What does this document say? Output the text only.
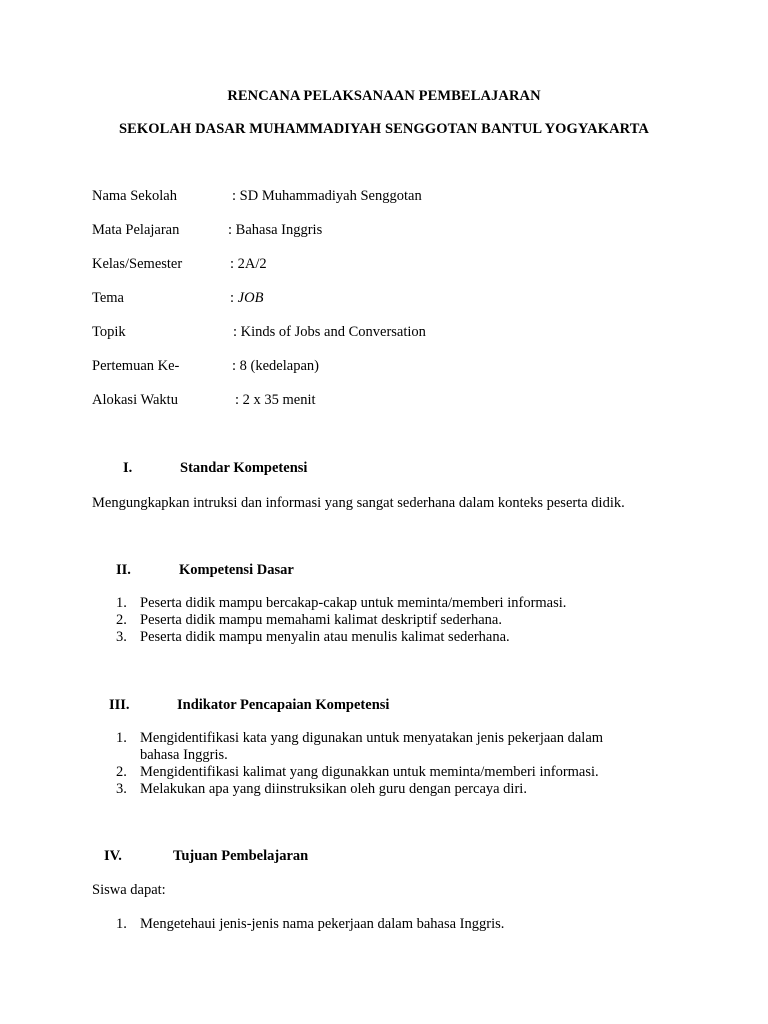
RENCANA PELAKSANAAN PEMBELAJARAN
SEKOLAH DASAR MUHAMMADIYAH SENGGOTAN BANTUL YOGYAKARTA
Nama Sekolah	: SD Muhammadiyah Senggotan
Mata Pelajaran	: Bahasa Inggris
Kelas/Semester	: 2A/2
Tema	: JOB
Topik	: Kinds of Jobs and Conversation
Pertemuan Ke-	: 8 (kedelapan)
Alokasi Waktu	: 2 x 35 menit
I.	Standar Kompetensi
Mengungkapkan intruksi dan informasi yang sangat sederhana dalam konteks peserta didik.
II.	Kompetensi Dasar
1. Peserta didik mampu bercakap-cakap untuk meminta/memberi informasi.
2. Peserta didik mampu memahami kalimat deskriptif sederhana.
3. Peserta didik mampu menyalin atau menulis kalimat sederhana.
III.	Indikator Pencapaian Kompetensi
1. Mengidentifikasi kata yang digunakan untuk menyatakan jenis pekerjaan dalam
bahasa Inggris.
2. Mengidentifikasi kalimat yang digunakkan untuk meminta/memberi informasi.
3. Melakukan apa yang diinstruksikan oleh guru dengan percaya diri.
IV.	Tujuan Pembelajaran
Siswa dapat:
1. Mengetehaui jenis-jenis nama pekerjaan dalam bahasa Inggris.
